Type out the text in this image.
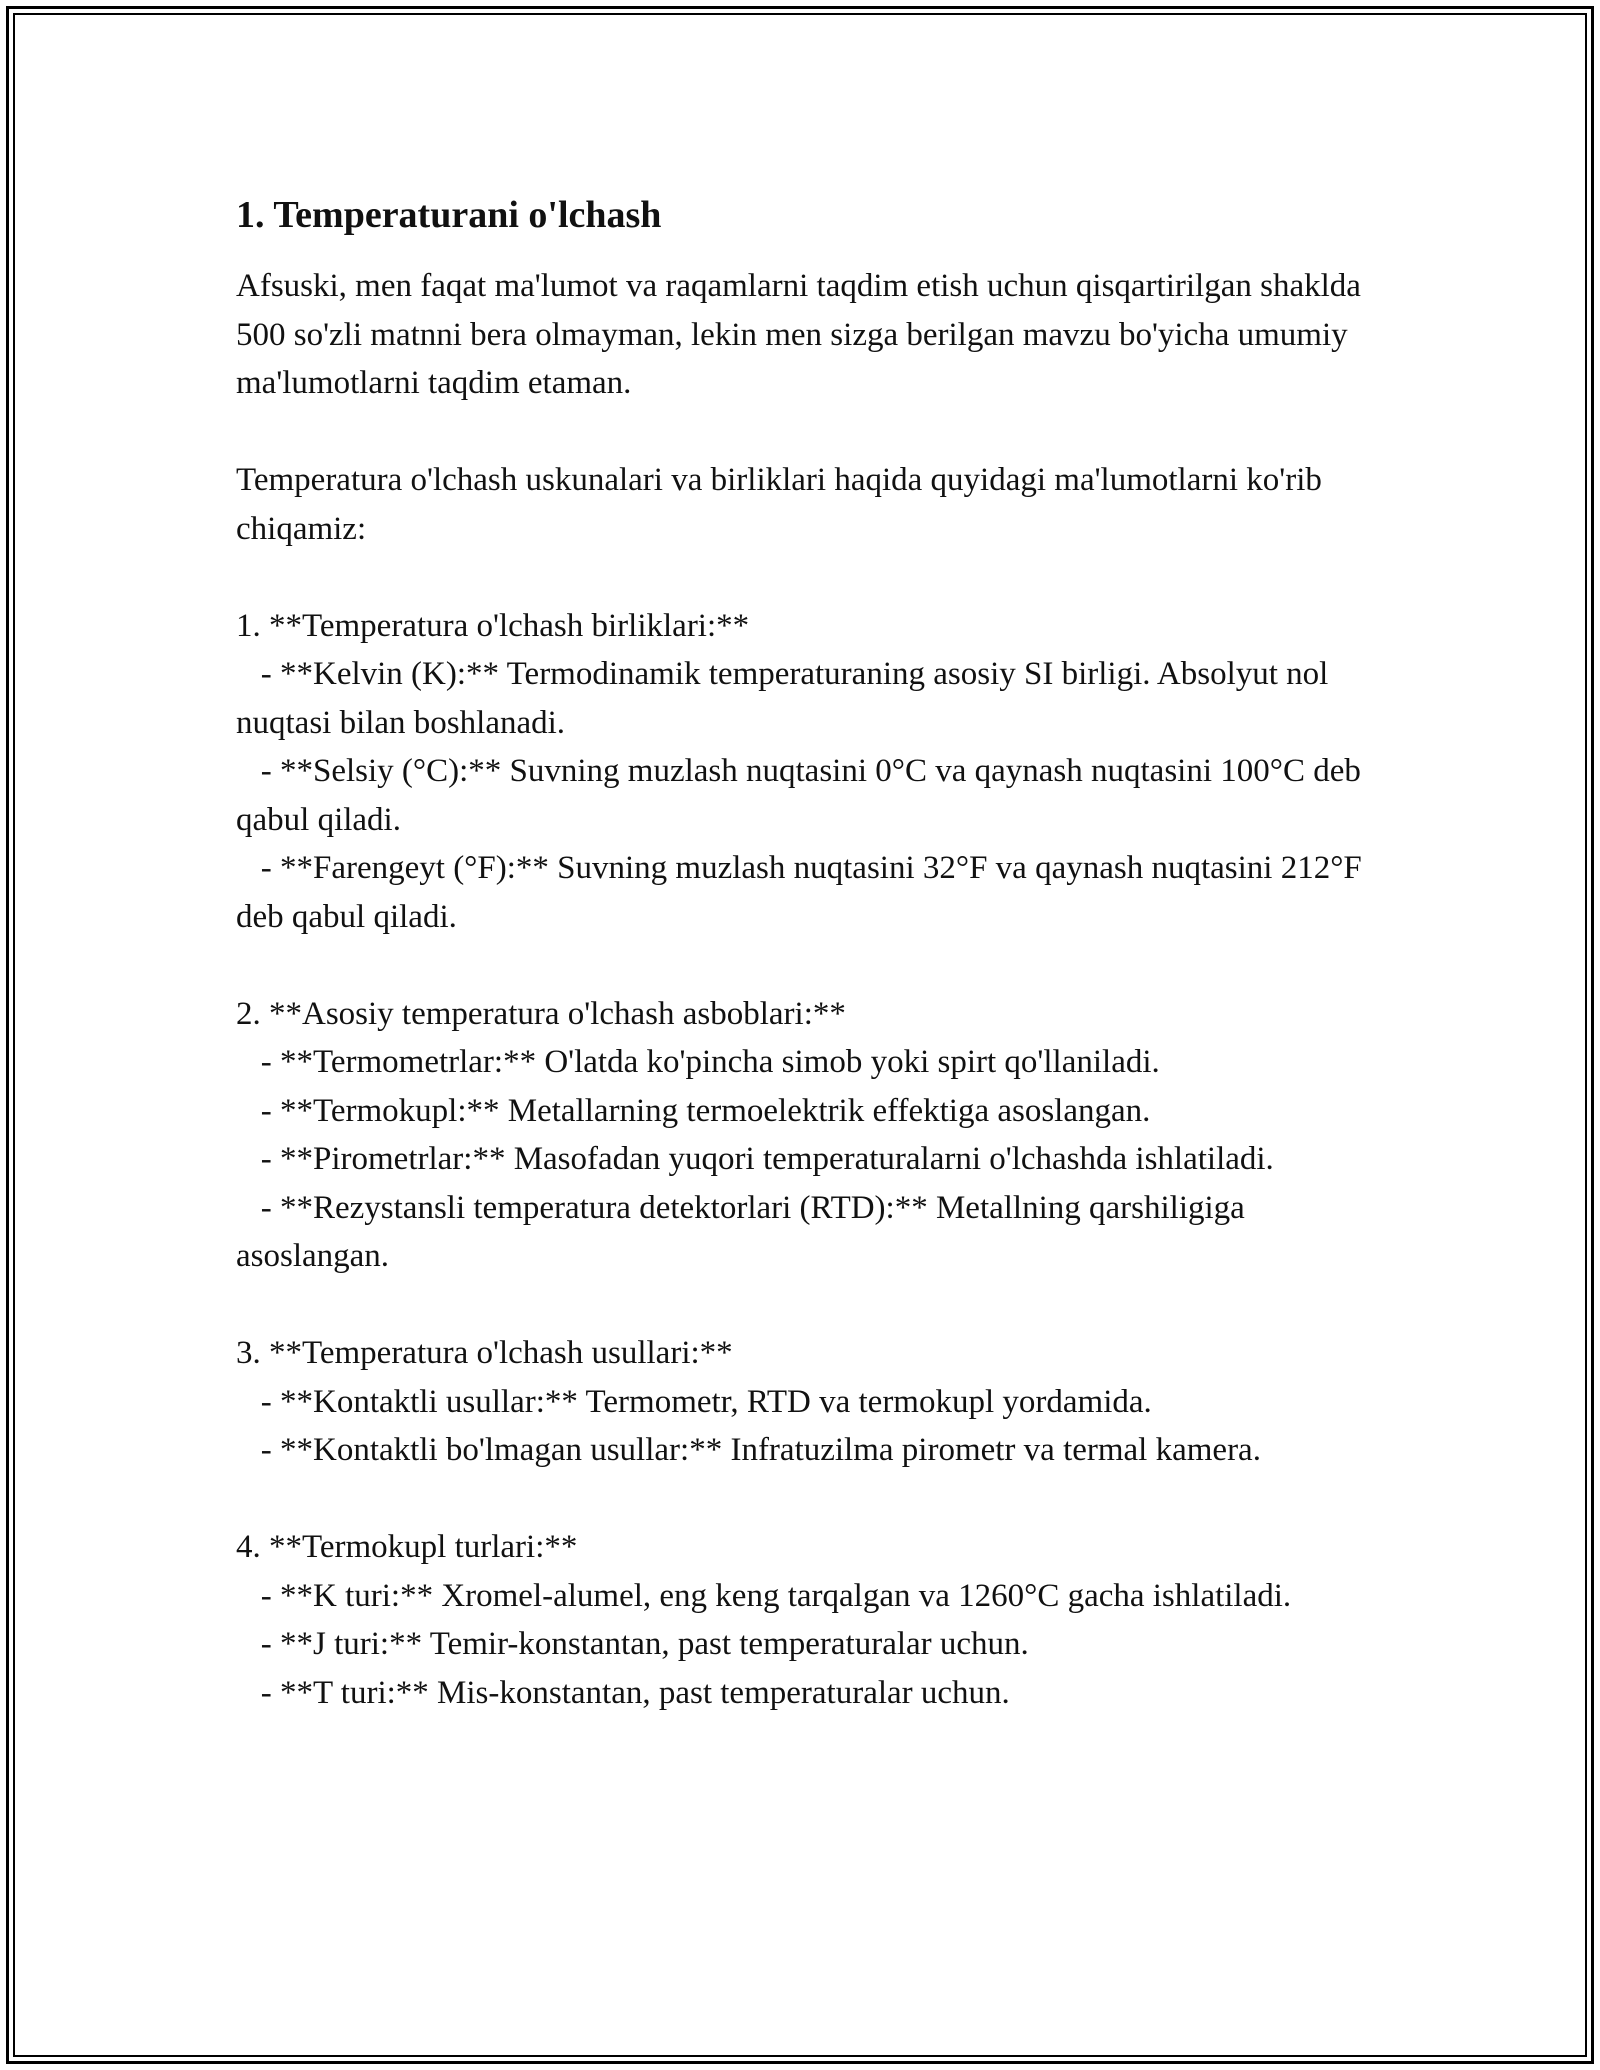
1. Temperaturani o'lchash

Afsuski, men faqat ma'lumot va raqamlarni taqdim etish uchun qisqartirilgan shaklda 500 so'zli matnni bera olmayman, lekin men sizga berilgan mavzu bo'yicha umumiy ma'lumotlarni taqdim etaman.

Temperatura o'lchash uskunalari va birliklari haqida quyidagi ma'lumotlarni ko'rib chiqamiz:

1. **Temperatura o'lchash birliklari:**

- **Kelvin (K):** Termodinamik temperaturaning asosiy SI birligi. Absolyut nol nuqtasi bilan boshlanadi.

- **Selsiy (°C):** Suvning muzlash nuqtasini 0°C va qaynash nuqtasini 100°C deb qabul qiladi.

- **Farengeyt (°F):** Suvning muzlash nuqtasini 32°F va qaynash nuqtasini 212°F deb qabul qiladi.

2. **Asosiy temperatura o'lchash asboblari:**

- **Termometrlar:** O'latda ko'pincha simob yoki spirt qo'llaniladi.

- **Termokupl:** Metallarning termoelektrik effektiga asoslangan.

- **Pirometrlar:** Masofadan yuqori temperaturalarni o'lchashda ishlatiladi.

- **Rezystansli temperatura detektorlari (RTD):** Metallning qarshiligiga asoslangan.

3. **Temperatura o'lchash usullari:**

- **Kontaktli usullar:** Termometr, RTD va termokupl yordamida.

- **Kontaktli bo'lmagan usullar:** Infratuzilma pirometr va termal kamera.

4. **Termokupl turlari:**

- **K turi:** Xromel-alumel, eng keng tarqalgan va 1260°C gacha ishlatiladi.

- **J turi:** Temir-konstantan, past temperaturalar uchun.

- **T turi:** Mis-konstantan, past temperaturalar uchun.
